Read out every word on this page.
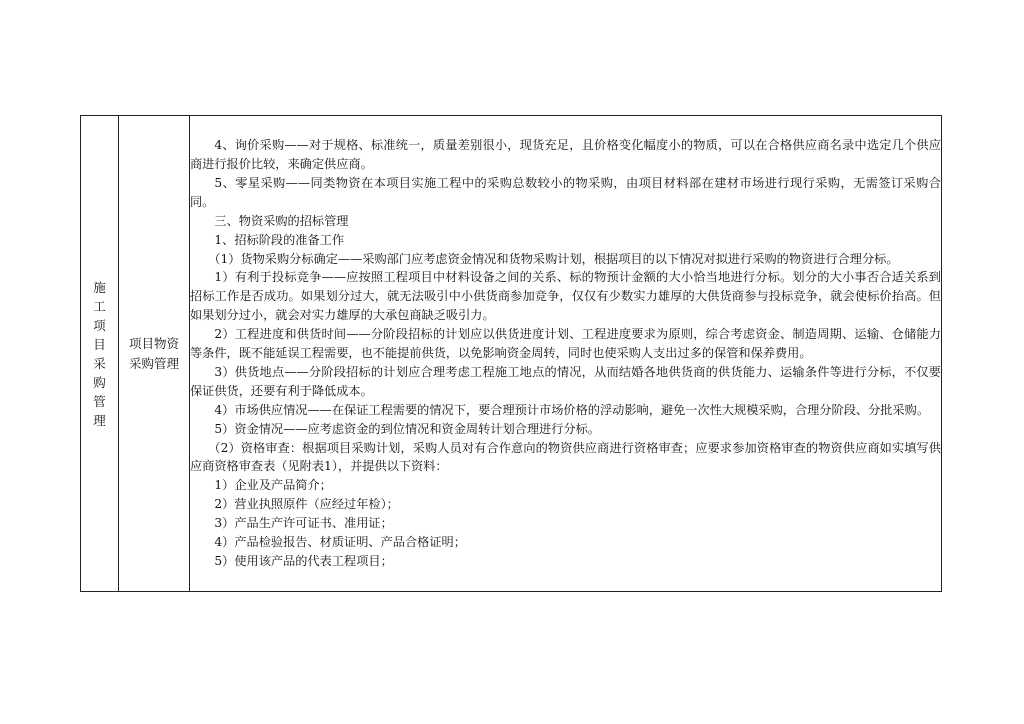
施工项目采购管理	项目物资采购管理	

4、询价采购——对于规格、标准统一，质量差别很小，现货充足，且价格变化幅度小的物质，可以在合格供应商名录中选定几个供应商进行报价比较，来确定供应商。

5、零星采购——同类物资在本项目实施工程中的采购总数较小的物采购，由项目材料部在建材市场进行现行采购，无需签订采购合同。

三、物资采购的招标管理

1、招标阶段的准备工作

（1）货物采购分标确定——采购部门应考虑资金情况和货物采购计划，根据项目的以下情况对拟进行采购的物资进行合理分标。

1）有利于投标竞争——应按照工程项目中材料设备之间的关系、标的物预计金额的大小恰当地进行分标。划分的大小事否合适关系到招标工作是否成功。如果划分过大，就无法吸引中小供货商参加竞争，仅仅有少数实力雄厚的大供货商参与投标竞争，就会使标价抬高。但如果划分过小，就会对实力雄厚的大承包商缺乏吸引力。

2）工程进度和供货时间——分阶段招标的计划应以供货进度计划、工程进度要求为原则，综合考虑资金、制造周期、运输、仓储能力等条件，既不能延误工程需要，也不能提前供货，以免影响资金周转，同时也使采购人支出过多的保管和保养费用。

3）供货地点——分阶段招标的计划应合理考虑工程施工地点的情况，从而结婚各地供货商的供货能力、运输条件等进行分标，不仅要保证供货，还要有利于降低成本。

4）市场供应情况——在保证工程需要的情况下，要合理预计市场价格的浮动影响，避免一次性大规模采购，合理分阶段、分批采购。

5）资金情况——应考虑资金的到位情况和资金周转计划合理进行分标。

（2）资格审查：根据项目采购计划，采购人员对有合作意向的物资供应商进行资格审查；应要求参加资格审查的物资供应商如实填写供应商资格审查表（见附表1），并提供以下资料：

1）企业及产品简介；

2）营业执照原件（应经过年检）；

3）产品生产许可证书、准用证；

4）产品检验报告、材质证明、产品合格证明；

5）使用该产品的代表工程项目；
